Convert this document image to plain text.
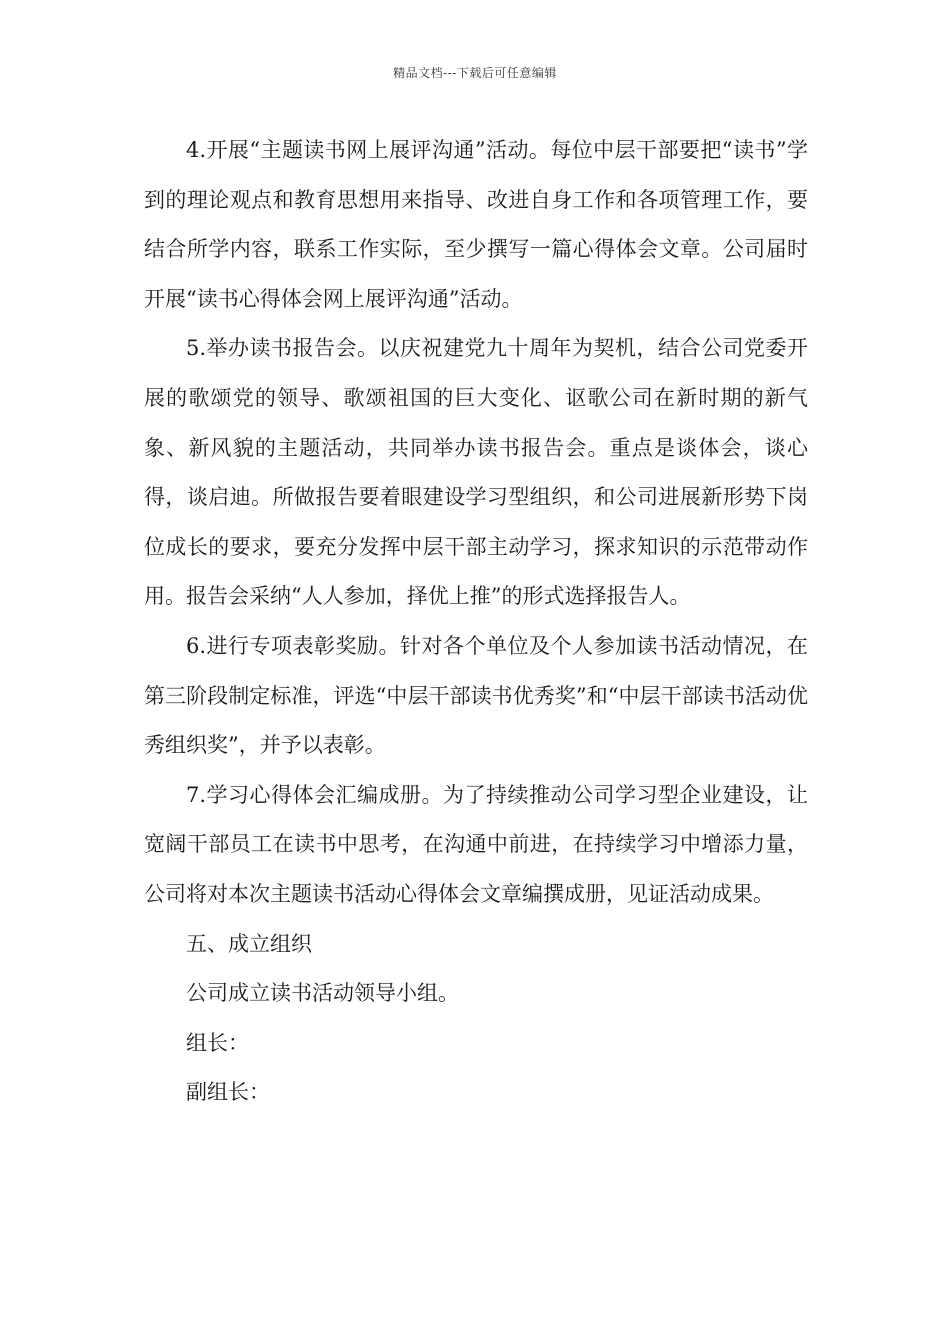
精品文档---下载后可任意编辑

4.开展“主题读书网上展评沟通”活动。每位中层干部要把“读书”学到的理论观点和教育思想用来指导、改进自身工作和各项管理工作，要结合所学内容，联系工作实际，至少撰写一篇心得体会文章。公司届时开展“读书心得体会网上展评沟通”活动。

5.举办读书报告会。以庆祝建党九十周年为契机，结合公司党委开展的歌颂党的领导、歌颂祖国的巨大变化、讴歌公司在新时期的新气象、新风貌的主题活动，共同举办读书报告会。重点是谈体会，谈心得，谈启迪。所做报告要着眼建设学习型组织，和公司进展新形势下岗位成长的要求，要充分发挥中层干部主动学习，探求知识的示范带动作用。报告会采纳“人人参加，择优上推”的形式选择报告人。

6.进行专项表彰奖励。针对各个单位及个人参加读书活动情况，在第三阶段制定标准，评选“中层干部读书优秀奖”和“中层干部读书活动优秀组织奖”，并予以表彰。

7.学习心得体会汇编成册。为了持续推动公司学习型企业建设，让宽阔干部员工在读书中思考，在沟通中前进，在持续学习中增添力量，公司将对本次主题读书活动心得体会文章编撰成册，见证活动成果。

五、成立组织

公司成立读书活动领导小组。

组长：

副组长：
